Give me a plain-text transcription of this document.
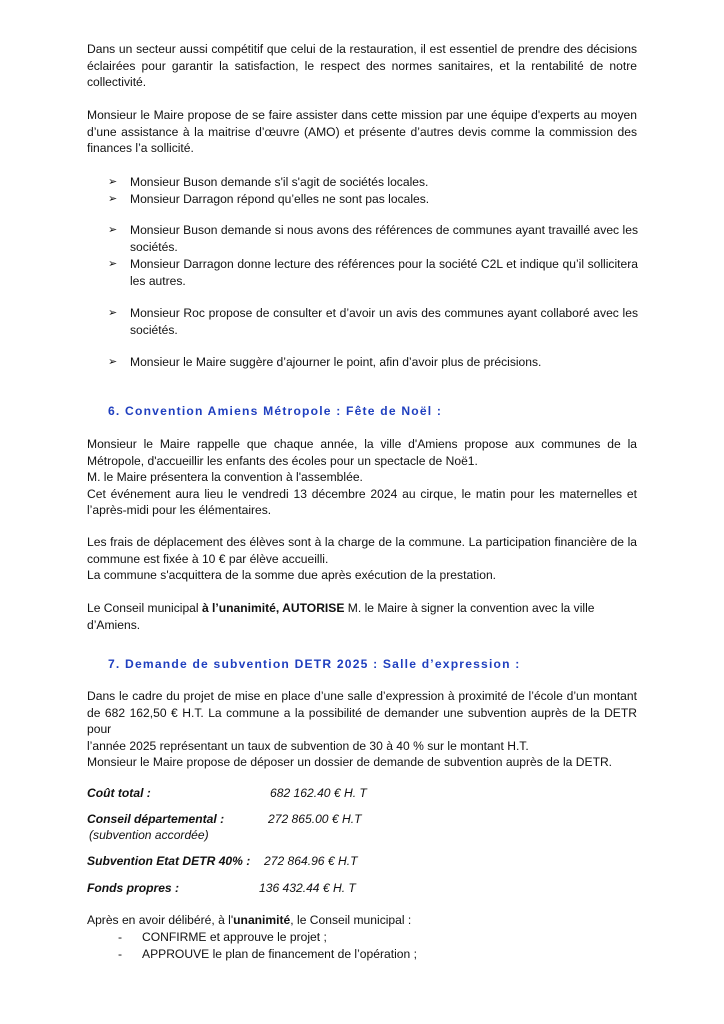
Dans un secteur aussi compétitif que celui de la restauration, il est essentiel de prendre des décisions
éclairées pour garantir la satisfaction, le respect des normes sanitaires, et la rentabilité de notre
collectivité.

Monsieur le Maire propose de se faire assister dans cette mission par une équipe d'experts au moyen
d’une assistance à la maitrise d’œuvre (AMO) et présente d’autres devis comme la commission des
finances l’a sollicité.

➢ Monsieur Buson demande s'il s'agit de sociétés locales.
➢ Monsieur Darragon répond qu’elles ne sont pas locales.
➢ Monsieur Buson demande si nous avons des références de communes ayant travaillé avec les
sociétés.
➢ Monsieur Darragon donne lecture des références pour la société C2L et indique qu’il sollicitera
les autres.
➢ Monsieur Roc propose de consulter et d’avoir un avis des communes ayant collaboré avec les
sociétés.
➢ Monsieur le Maire suggère d’ajourner le point, afin d’avoir plus de précisions.
6. Convention Amiens Métropole : Fête de Noël :

Monsieur le Maire rappelle que chaque année, la ville d'Amiens propose aux communes de la
Métropole, d'accueillir les enfants des écoles pour un spectacle de Noë1.
M. le Maire présentera la convention à l'assemblée.
Cet événement aura lieu le vendredi 13 décembre 2024 au cirque, le matin pour les maternelles et
l’après-midi pour les élémentaires.

Les frais de déplacement des élèves sont à la charge de la commune. La participation financière de la
commune est fixée à 10 € par élève accueilli.
La commune s'acquittera de la somme due après exécution de la prestation.

Le Conseil municipal à l’unanimité, AUTORISE M. le Maire à signer la convention avec la ville d’Amiens.

7. Demande de subvention DETR 2025 : Salle d’expression :

Dans le cadre du projet de mise en place d’une salle d’expression à proximité de l’école d’un montant
de 682 162,50 € H.T. La commune a la possibilité de demander une subvention auprès de la DETR pour
l’année 2025 représentant un taux de subvention de 30 à 40 % sur le montant H.T.

Monsieur le Maire propose de déposer un dossier de demande de subvention auprès de la DETR.

Coût total :	682 162.40 € H. T
Conseil départemental :	272 865.00 € H.T
(subvention accordée)
Subvention Etat DETR 40% : 272 864.96 € H.T
Fonds propres :	136 432.44 € H. T

Après en avoir délibéré, à l'unanimité, le Conseil municipal :

- CONFIRME et approuve le projet ;
- APPROUVE le plan de financement de l’opération ;
